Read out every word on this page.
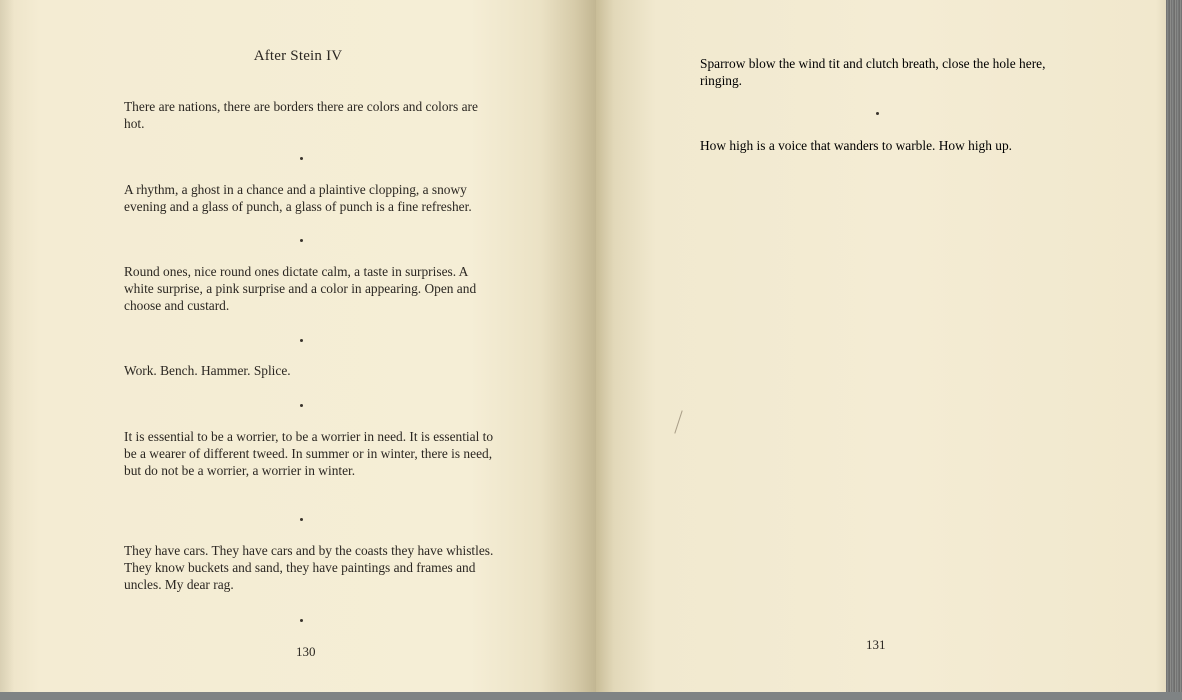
After Stein IV
There are nations, there are borders there are colors and colors are hot.
A rhythm, a ghost in a chance and a plaintive clopping, a snowy evening and a glass of punch, a glass of punch is a fine refresher.
Round ones, nice round ones dictate calm, a taste in surprises. A white surprise, a pink surprise and a color in appearing. Open and choose and custard.
Work. Bench. Hammer. Splice.
It is essential to be a worrier, to be a worrier in need. It is essential to be a wearer of different tweed. In summer or in winter, there is need, but do not be a worrier, a worrier in winter.
They have cars. They have cars and by the coasts they have whistles. They know buckets and sand, they have paintings and frames and uncles. My dear rag.
130	131
Sparrow blow the wind tit and clutch breath, close the hole here, ringing.
How high is a voice that wanders to warble. How high up.
